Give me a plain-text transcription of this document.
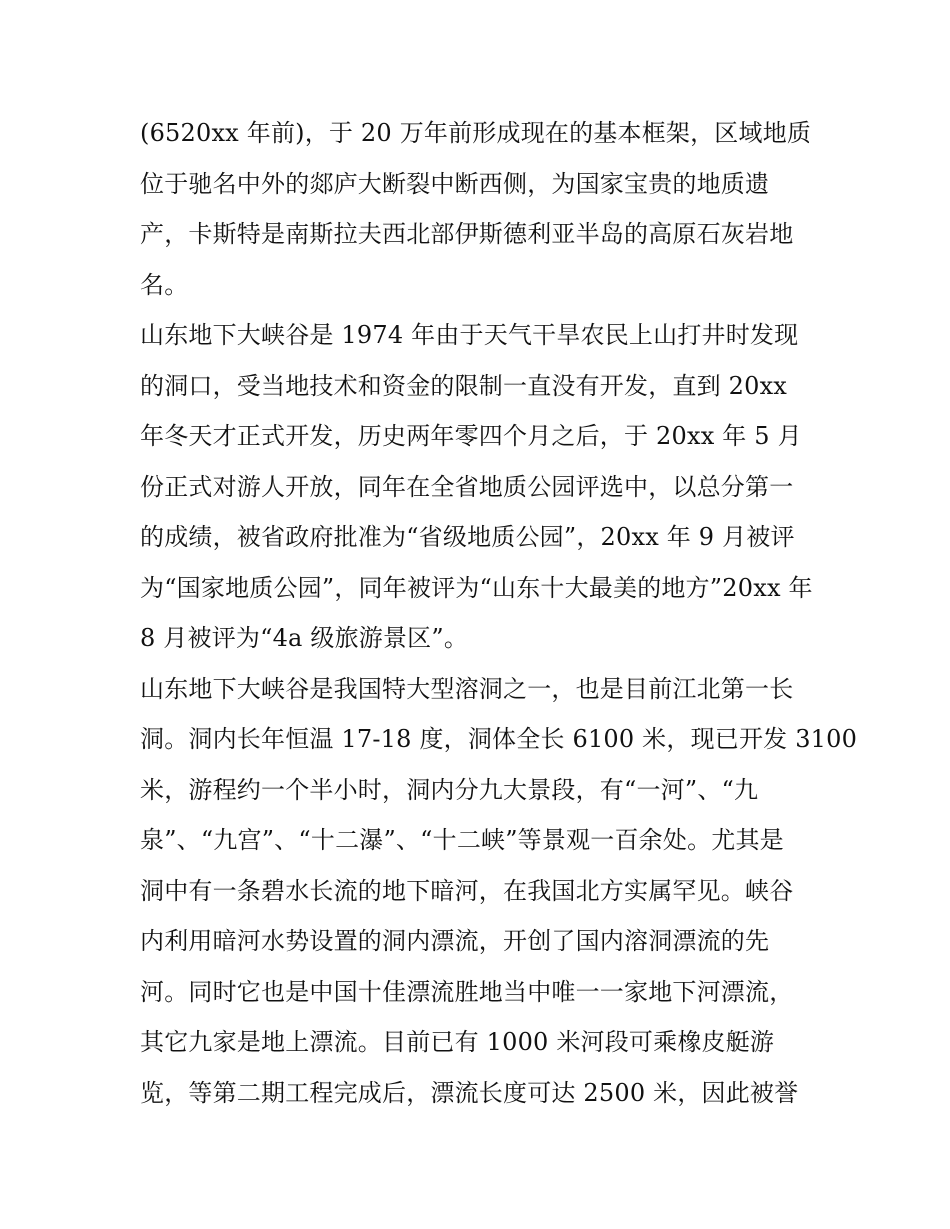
(6520xx 年前)，于 20 万年前形成现在的基本框架，区域地质
位于驰名中外的郯庐大断裂中断西侧，为国家宝贵的地质遗
产，卡斯特是南斯拉夫西北部伊斯德利亚半岛的高原石灰岩地
名。
山东地下大峡谷是 1974 年由于天气干旱农民上山打井时发现
的洞口，受当地技术和资金的限制一直没有开发，直到 20xx
年冬天才正式开发，历史两年零四个月之后，于 20xx 年 5 月
份正式对游人开放，同年在全省地质公园评选中，以总分第一
的成绩，被省政府批准为“省级地质公园”，20xx 年 9 月被评
为“国家地质公园”，同年被评为“山东十大最美的地方”20xx 年
8 月被评为“4a 级旅游景区”。
山东地下大峡谷是我国特大型溶洞之一，也是目前江北第一长
洞。洞内长年恒温 17-18 度，洞体全长 6100 米，现已开发 3100
米，游程约一个半小时，洞内分九大景段，有“一河”、“九
泉”、“九宫”、“十二瀑”、“十二峡”等景观一百余处。尤其是
洞中有一条碧水长流的地下暗河，在我国北方实属罕见。峡谷
内利用暗河水势设置的洞内漂流，开创了国内溶洞漂流的先
河。同时它也是中国十佳漂流胜地当中唯一一家地下河漂流，
其它九家是地上漂流。目前已有 1000 米河段可乘橡皮艇游
览，等第二期工程完成后，漂流长度可达 2500 米，因此被誉
